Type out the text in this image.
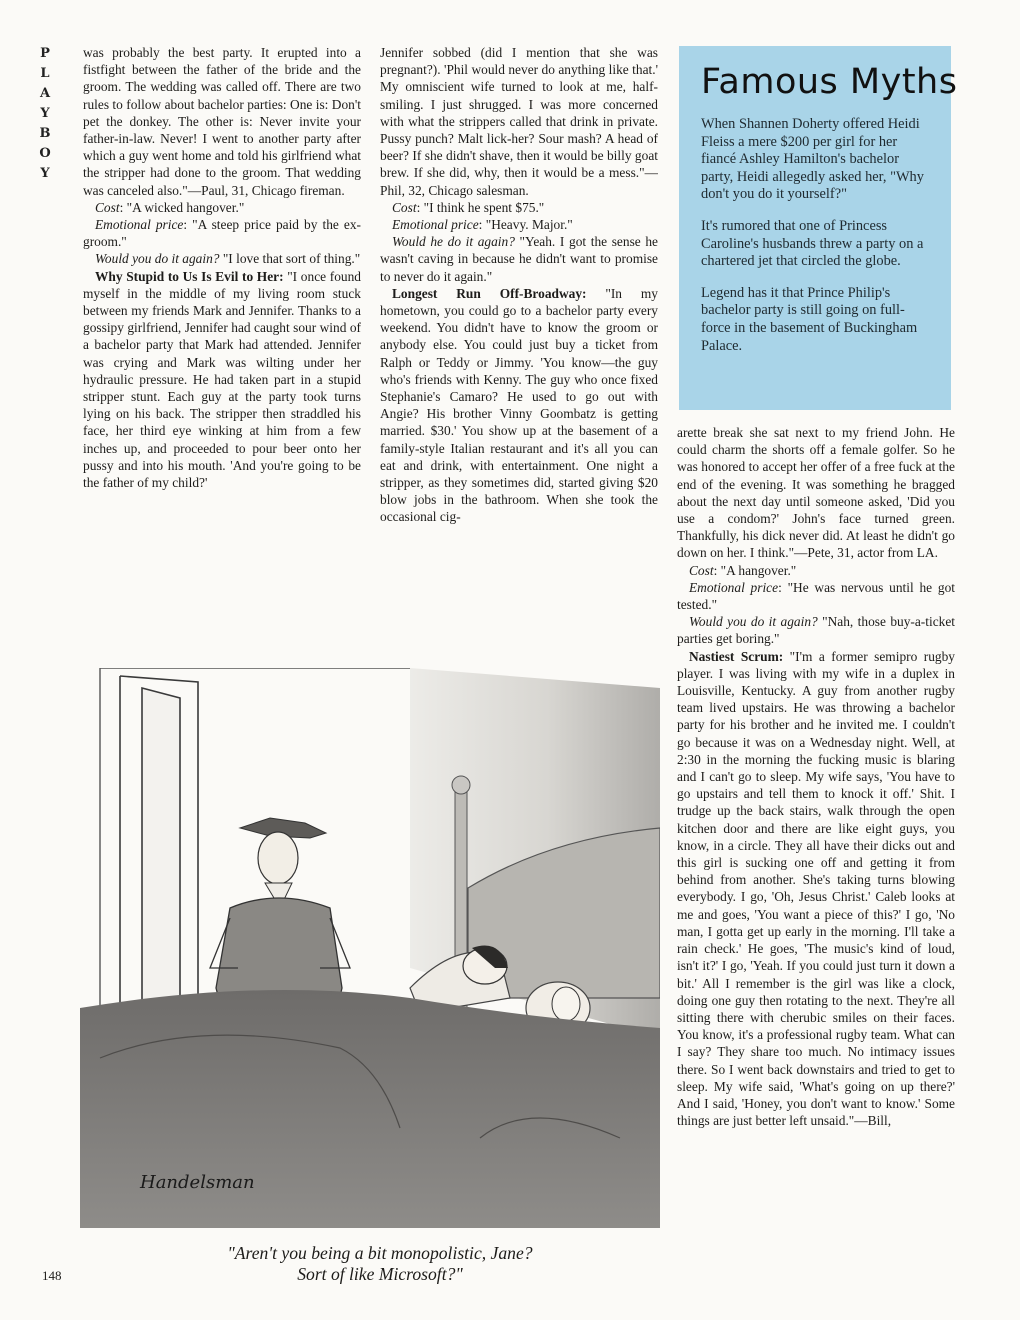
P
L
A
Y
B
O
Y

was probably the best party. It erupted into a fistfight between the father of the bride and the groom. The wedding was called off. There are two rules to follow about bachelor parties: One is: Don't pet the donkey. The other is: Never invite your father-in-law. Never! I went to another party after which a guy went home and told his girlfriend what the stripper had done to the groom. That wedding was canceled also."—Paul, 31, Chicago fireman.

Cost: "A wicked hangover."

Emotional price: "A steep price paid by the ex-groom."

Would you do it again? "I love that sort of thing."

Why Stupid to Us Is Evil to Her: "I once found myself in the middle of my living room stuck between my friends Mark and Jennifer. Thanks to a gossipy girlfriend, Jennifer had caught sour wind of a bachelor party that Mark had attended. Jennifer was crying and Mark was wilting under her hydraulic pressure. He had taken part in a stupid stripper stunt. Each guy at the party took turns lying on his back. The stripper then straddled his face, her third eye winking at him from a few inches up, and proceeded to pour beer onto her pussy and into his mouth. 'And you're going to be the father of my child?'

Jennifer sobbed (did I mention that she was pregnant?). 'Phil would never do anything like that.' My omniscient wife turned to look at me, half-smiling. I just shrugged. I was more concerned with what the strippers called that drink in private. Pussy punch? Malt lick-her? Sour mash? A head of beer? If she didn't shave, then it would be billy goat brew. If she did, why, then it would be a mess."—Phil, 32, Chicago salesman.

Cost: "I think he spent $75."

Emotional price: "Heavy. Major."

Would he do it again? "Yeah. I got the sense he wasn't caving in because he didn't want to promise to never do it again."

Longest Run Off-Broadway: "In my hometown, you could go to a bachelor party every weekend. You didn't have to know the groom or anybody else. You could just buy a ticket from Ralph or Teddy or Jimmy. 'You know—the guy who's friends with Kenny. The guy who once fixed Stephanie's Camaro? He used to go out with Angie? His brother Vinny Goombatz is getting married. $30.' You show up at the basement of a family-style Italian restaurant and it's all you can eat and drink, with entertainment. One night a stripper, as they sometimes did, started giving $20 blow jobs in the bathroom. When she took the occasional cig-

Famous Myths

When Shannen Doherty offered Heidi Fleiss a mere $200 per girl for her fiancé Ashley Hamilton's bachelor party, Heidi allegedly asked her, "Why don't you do it yourself?"

It's rumored that one of Princess Caroline's husbands threw a party on a chartered jet that circled the globe.

Legend has it that Prince Philip's bachelor party is still going on full-force in the basement of Buckingham Palace.

arette break she sat next to my friend John. He could charm the shorts off a female golfer. So he was honored to accept her offer of a free fuck at the end of the evening. It was something he bragged about the next day until someone asked, 'Did you use a condom?' John's face turned green. Thankfully, his dick never did. At least he didn't go down on her. I think."—Pete, 31, actor from LA.

Cost: "A hangover."

Emotional price: "He was nervous until he got tested."

Would you do it again? "Nah, those buy-a-ticket parties get boring."

Nastiest Scrum: "I'm a former semipro rugby player. I was living with my wife in a duplex in Louisville, Kentucky. A guy from another rugby team lived upstairs. He was throwing a bachelor party for his brother and he invited me. I couldn't go because it was on a Wednesday night. Well, at 2:30 in the morning the fucking music is blaring and I can't go to sleep. My wife says, 'You have to go upstairs and tell them to knock it off.' Shit. I trudge up the back stairs, walk through the open kitchen door and there are like eight guys, you know, in a circle. They all have their dicks out and this girl is sucking one off and getting it from behind from another. She's taking turns blowing everybody. I go, 'Oh, Jesus Christ.' Caleb looks at me and goes, 'You want a piece of this?' I go, 'No man, I gotta get up early in the morning. I'll take a rain check.' He goes, 'The music's kind of loud, isn't it?' I go, 'Yeah. If you could just turn it down a bit.' All I remember is the girl was like a clock, doing one guy then rotating to the next. They're all sitting there with cherubic smiles on their faces. You know, it's a professional rugby team. What can I say? They share too much. No intimacy issues there. So I went back downstairs and tried to get to sleep. My wife said, 'What's going on up there?' And I said, 'Honey, you don't want to know.' Some things are just better left unsaid."—Bill,

Handelsman
"Aren't you being a bit monopolistic, Jane?
Sort of like Microsoft?"
148
